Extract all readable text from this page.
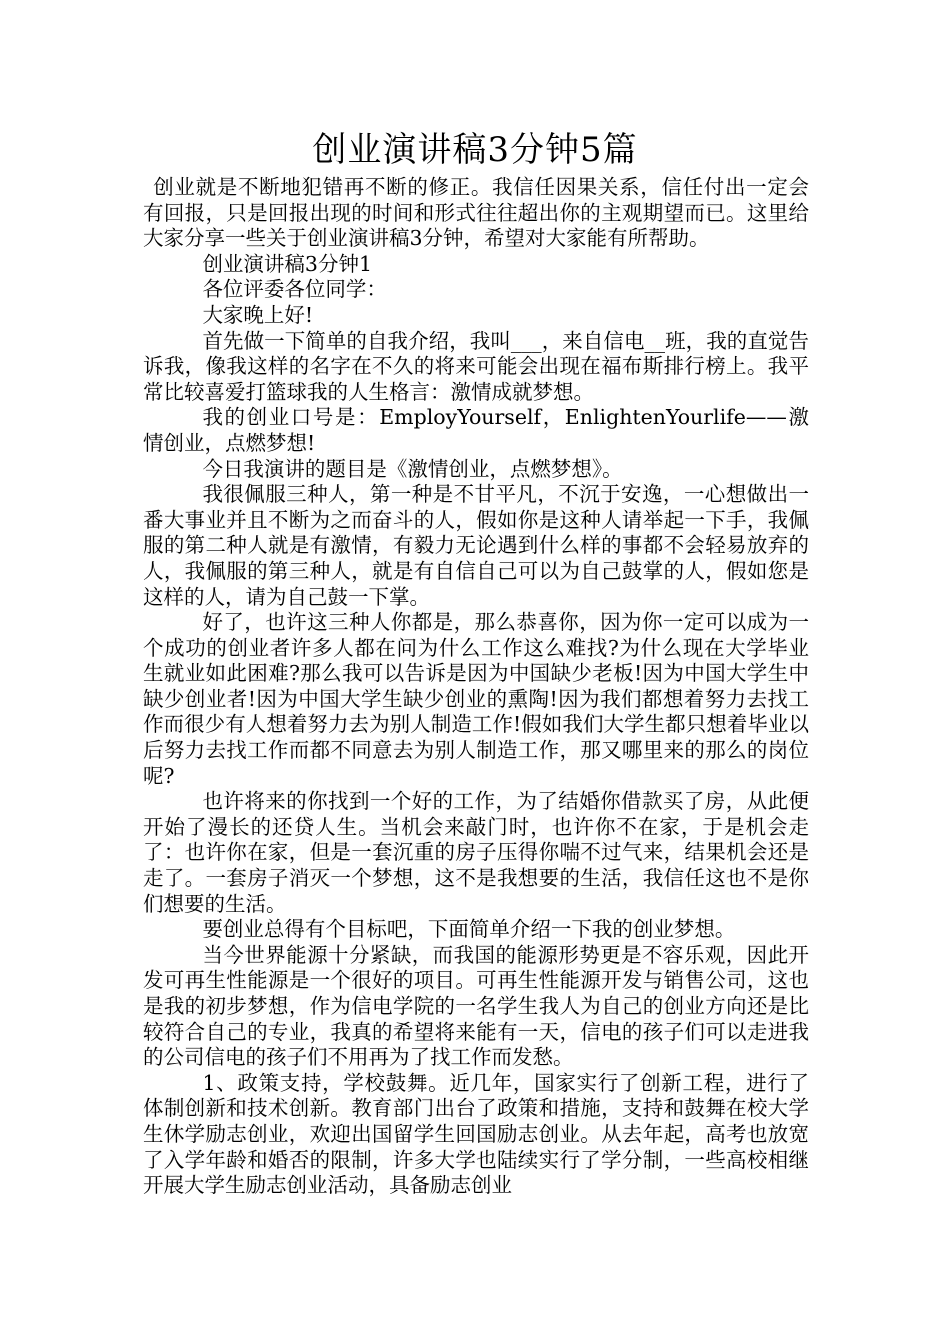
创业演讲稿3分钟5篇

创业就是不断地犯错再不断的修正。我信任因果关系，信任付出一定会有回报，只是回报出现的时间和形式往往超出你的主观期望而已。这里给大家分享一些关于创业演讲稿3分钟，希望对大家能有所帮助。

创业演讲稿3分钟1

各位评委各位同学：

大家晚上好!

首先做一下简单的自我介绍，我叫___，来自信电__班，我的直觉告诉我，像我这样的名字在不久的将来可能会出现在福布斯排行榜上。我平常比较喜爱打篮球我的人生格言：激情成就梦想。

我的创业口号是：EmployYourself，EnlightenYourlife——激情创业，点燃梦想!

今日我演讲的题目是《激情创业，点燃梦想》。

我很佩服三种人，第一种是不甘平凡，不沉于安逸，一心想做出一番大事业并且不断为之而奋斗的人，假如你是这种人请举起一下手，我佩服的第二种人就是有激情，有毅力无论遇到什么样的事都不会轻易放弃的人，我佩服的第三种人，就是有自信自己可以为自己鼓掌的人，假如您是这样的人，请为自己鼓一下掌。

好了，也许这三种人你都是，那么恭喜你，因为你一定可以成为一个成功的创业者许多人都在问为什么工作这么难找?为什么现在大学毕业生就业如此困难?那么我可以告诉是因为中国缺少老板!因为中国大学生中缺少创业者!因为中国大学生缺少创业的熏陶!因为我们都想着努力去找工作而很少有人想着努力去为别人制造工作!假如我们大学生都只想着毕业以后努力去找工作而都不同意去为别人制造工作，那又哪里来的那么的岗位呢?

也许将来的你找到一个好的工作，为了结婚你借款买了房，从此便开始了漫长的还贷人生。当机会来敲门时，也许你不在家，于是机会走了：也许你在家，但是一套沉重的房子压得你喘不过气来，结果机会还是走了。一套房子消灭一个梦想，这不是我想要的生活，我信任这也不是你们想要的生活。

要创业总得有个目标吧，下面简单介绍一下我的创业梦想。

当今世界能源十分紧缺，而我国的能源形势更是不容乐观，因此开发可再生性能源是一个很好的项目。可再生性能源开发与销售公司，这也是我的初步梦想，作为信电学院的一名学生我人为自己的创业方向还是比较符合自己的专业，我真的希望将来能有一天，信电的孩子们可以走进我的公司信电的孩子们不用再为了找工作而发愁。

1、政策支持，学校鼓舞。近几年，国家实行了创新工程，进行了体制创新和技术创新。教育部门出台了政策和措施，支持和鼓舞在校大学生休学励志创业，欢迎出国留学生回国励志创业。从去年起，高考也放宽了入学年龄和婚否的限制，许多大学也陆续实行了学分制，一些高校相继开展大学生励志创业活动，具备励志创业
